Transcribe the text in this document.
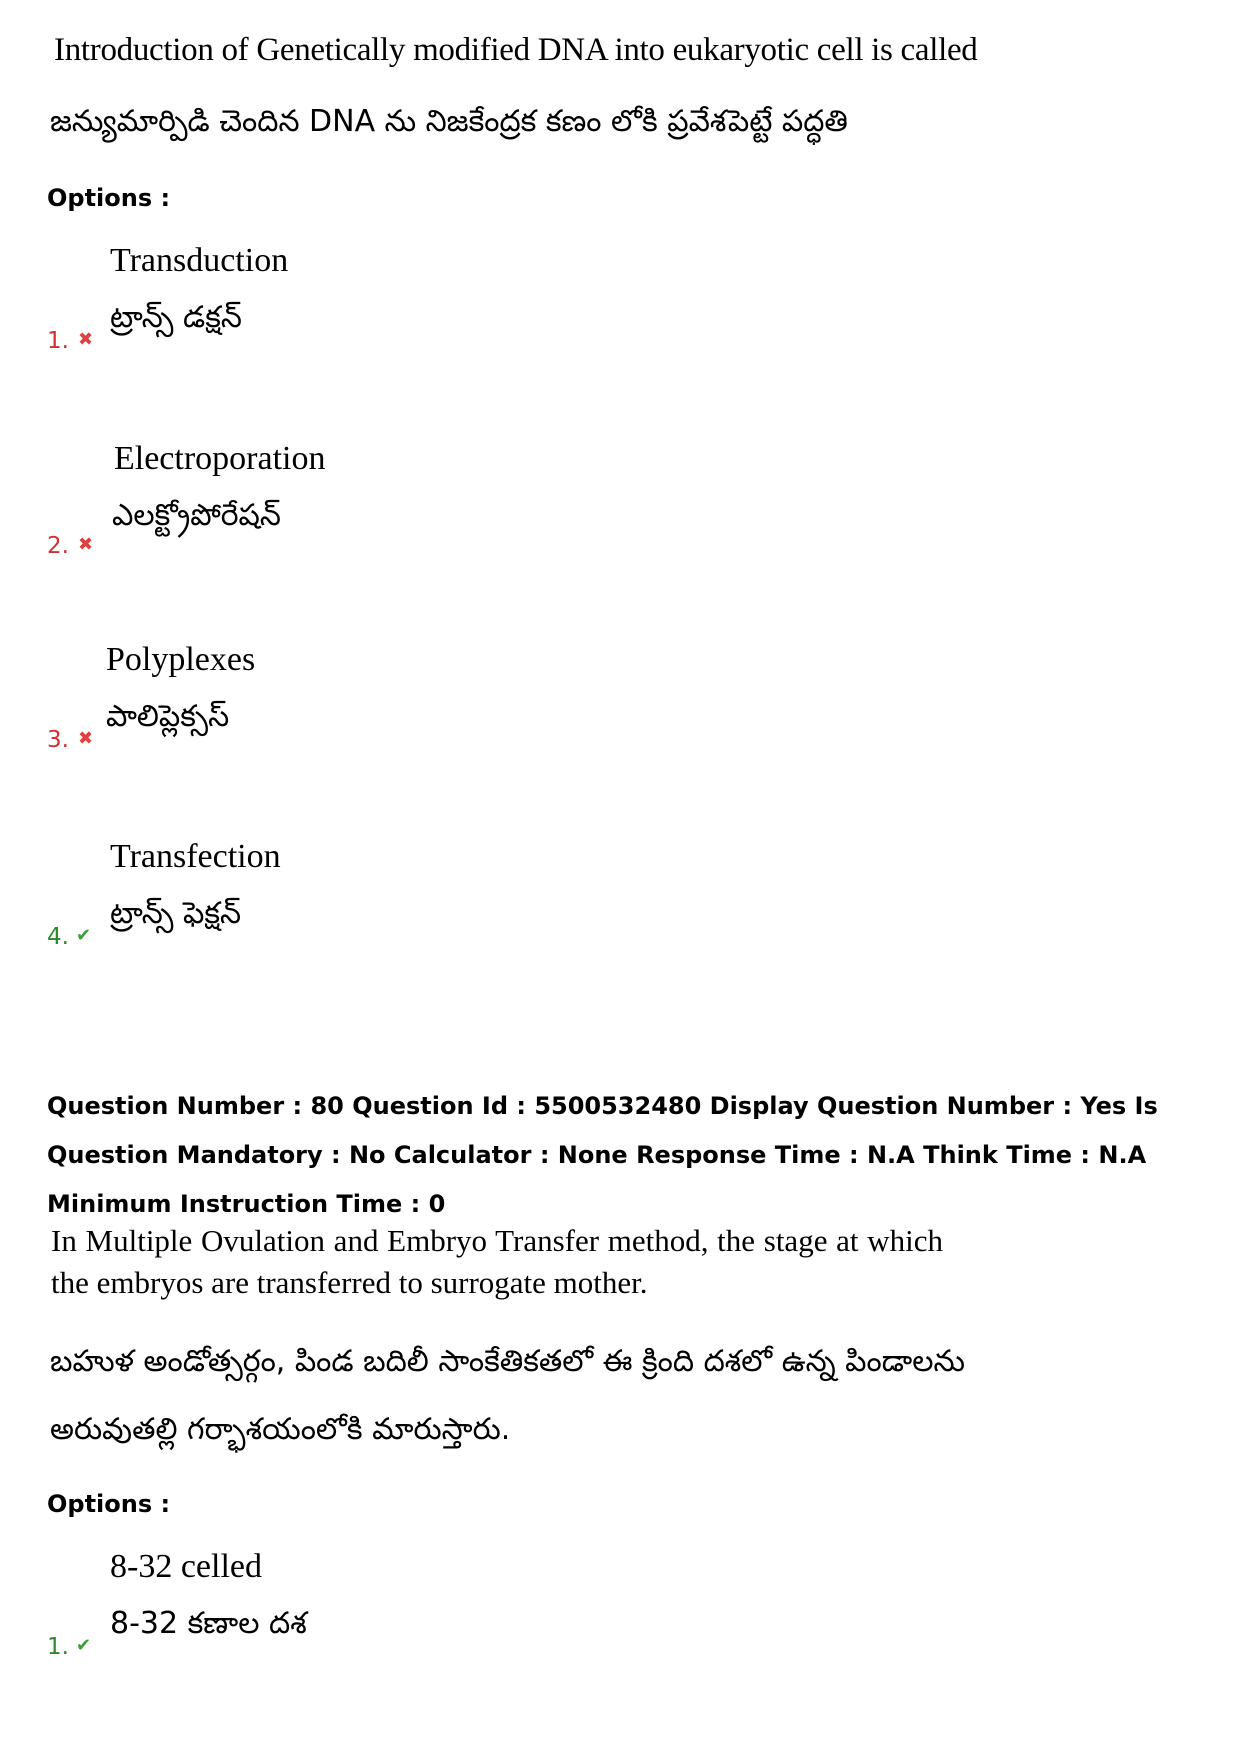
Introduction of Genetically modified DNA into eukaryotic cell is called
జన్యుమార్పిడి చెందిన DNA ను నిజకేంద్రక కణం లోకి ప్రవేశపెట్టే పద్ధతి
Options :
Transduction
ట్రాన్స్ డక్షన్
1. ✖
Electroporation
ఎలక్ట్రోపోరేషన్
2. ✖
Polyplexes
పాలిప్లెక్సస్
3. ✖
Transfection
ట్రాన్స్ ఫెక్షన్
4. ✔
Question Number : 80 Question Id : 5500532480 Display Question Number : Yes Is Question Mandatory : No Calculator : None Response Time : N.A Think Time : N.A Minimum Instruction Time : 0
In Multiple Ovulation and Embryo Transfer method, the stage at which the embryos are transferred to surrogate mother.
బహుళ అండోత్సర్గం, పిండ బదిలీ సాంకేతికతలో ఈ క్రింది దశలో ఉన్న పిండాలను
అరువుతల్లి గర్భాశయంలోకి మారుస్తారు.
Options :
8-32 celled
8-32 కణాల దశ
1. ✔
